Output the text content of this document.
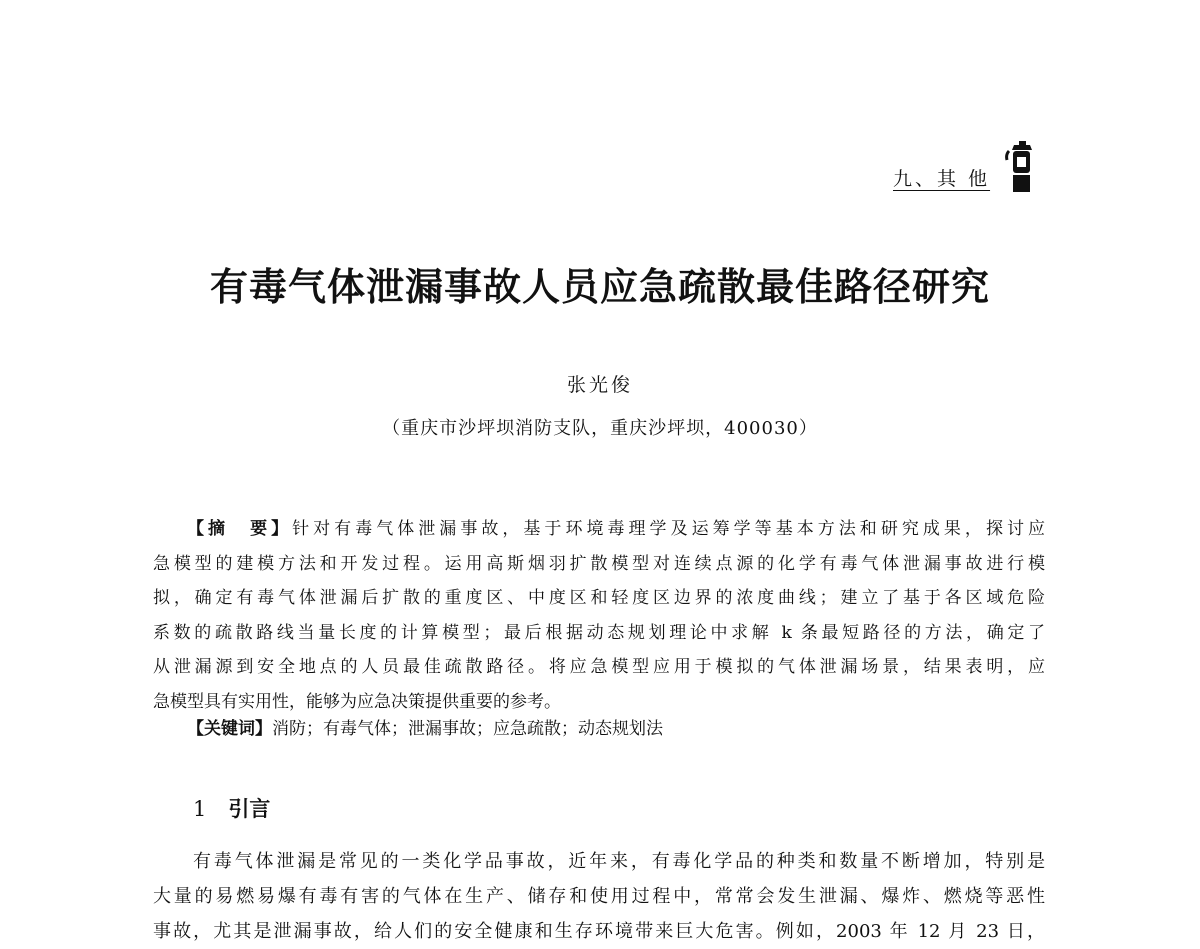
九、其 他
有毒气体泄漏事故人员应急疏散最佳路径研究
张光俊
（重庆市沙坪坝消防支队，重庆沙坪坝，400030）
【摘　要】针对有毒气体泄漏事故，基于环境毒理学及运筹学等基本方法和研究成果，探讨应
急模型的建模方法和开发过程。运用高斯烟羽扩散模型对连续点源的化学有毒气体泄漏事故进行模
拟，确定有毒气体泄漏后扩散的重度区、中度区和轻度区边界的浓度曲线；建立了基于各区域危险
系数的疏散路线当量长度的计算模型；最后根据动态规划理论中求解 k 条最短路径的方法，确定了
从泄漏源到安全地点的人员最佳疏散路径。将应急模型应用于模拟的气体泄漏场景，结果表明，应
急模型具有实用性，能够为应急决策提供重要的参考。
【关键词】消防；有毒气体；泄漏事故；应急疏散；动态规划法
1 引言
有毒气体泄漏是常见的一类化学品事故，近年来，有毒化学品的种类和数量不断增加，特别是
大量的易燃易爆有毒有害的气体在生产、储存和使用过程中，常常会发生泄漏、爆炸、燃烧等恶性
事故，尤其是泄漏事故，给人们的安全健康和生存环境带来巨大危害。例如，2003 年 12 月 23 日，
